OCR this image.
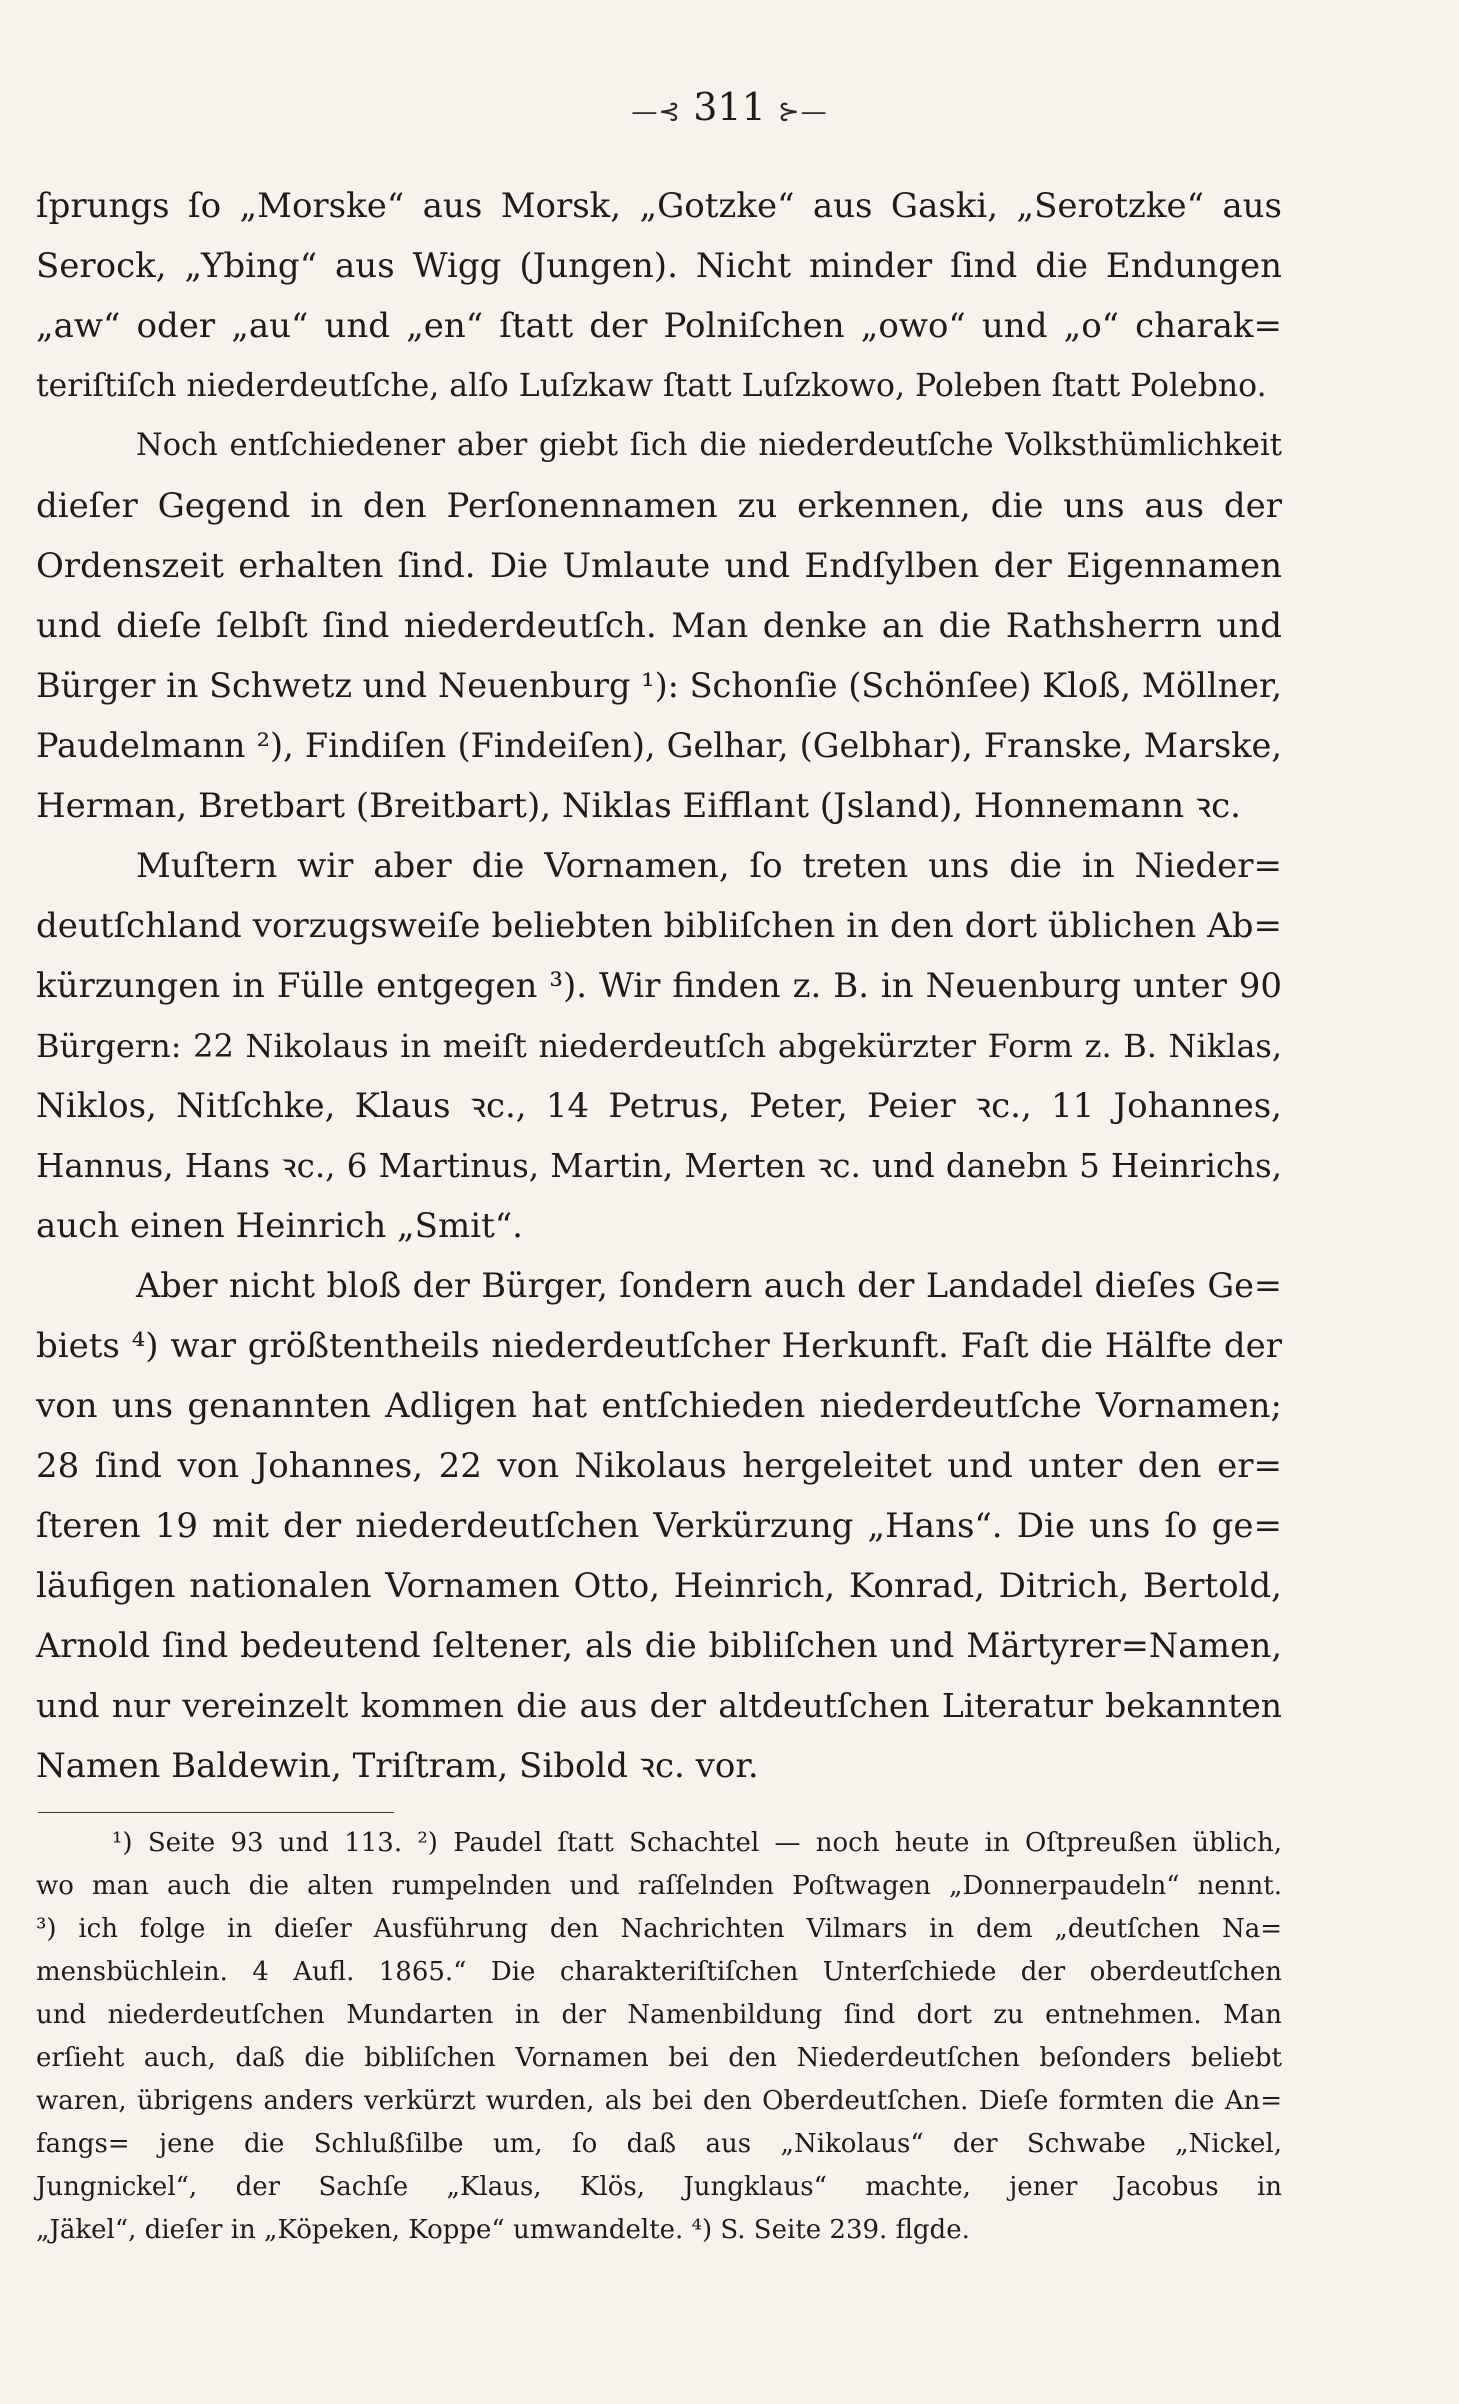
—⊰ 311 ⊱—
ſprungs ſo „Morske“ aus Morsk, „Gotzke“ aus Gaski, „Serotzke“ aus
Serock, „Ybing“ aus Wigg (Jungen). Nicht minder ſind die Endungen
„aw“ oder „au“ und „en“ ſtatt der Polniſchen „owo“ und „o“ charak=
teriſtiſch niederdeutſche, alſo Luſzkaw ſtatt Luſzkowo, Poleben ſtatt Polebno.
Noch entſchiedener aber giebt ſich die niederdeutſche Volksthümlichkeit
dieſer Gegend in den Perſonennamen zu erkennen, die uns aus der
Ordenszeit erhalten ſind. Die Umlaute und Endſylben der Eigennamen
und dieſe ſelbſt ſind niederdeutſch. Man denke an die Rathsherrn und
Bürger in Schwetz und Neuenburg ¹): Schonſie (Schönſee) Kloß, Möllner,
Paudelmann ²), Findiſen (Findeiſen), Gelhar, (Gelbhar), Franske, Marske,
Herman, Bretbart (Breitbart), Niklas Eifflant (Jsland), Honnemann ꝛc.
Muſtern wir aber die Vornamen, ſo treten uns die in Nieder=
deutſchland vorzugsweiſe beliebten bibliſchen in den dort üblichen Ab=
kürzungen in Fülle entgegen ³). Wir finden z. B. in Neuenburg unter 90
Bürgern: 22 Nikolaus in meiſt niederdeutſch abgekürzter Form z. B. Niklas,
Niklos, Nitſchke, Klaus ꝛc., 14 Petrus, Peter, Peier ꝛc., 11 Johannes,
Hannus, Hans ꝛc., 6 Martinus, Martin, Merten ꝛc. und danebn 5 Heinrichs,
auch einen Heinrich „Smit“.
Aber nicht bloß der Bürger, ſondern auch der Landadel dieſes Ge=
biets ⁴) war größtentheils niederdeutſcher Herkunft. Faſt die Hälfte der
von uns genannten Adligen hat entſchieden niederdeutſche Vornamen;
28 ſind von Johannes, 22 von Nikolaus hergeleitet und unter den er=
ſteren 19 mit der niederdeutſchen Verkürzung „Hans“. Die uns ſo ge=
läufigen nationalen Vornamen Otto, Heinrich, Konrad, Ditrich, Bertold,
Arnold ſind bedeutend ſeltener, als die bibliſchen und Märtyrer=Namen,
und nur vereinzelt kommen die aus der altdeutſchen Literatur bekannten
Namen Baldewin, Triſtram, Sibold ꝛc. vor.
¹) Seite 93 und 113. ²) Paudel ſtatt Schachtel — noch heute in Oſtpreußen üblich,
wo man auch die alten rumpelnden und raſſelnden Poſtwagen „Donnerpaudeln“ nennt.
³) ich folge in dieſer Ausführung den Nachrichten Vilmars in dem „deutſchen Na=
mensbüchlein. 4 Aufl. 1865.“ Die charakteriſtiſchen Unterſchiede der oberdeutſchen
und niederdeutſchen Mundarten in der Namenbildung ſind dort zu entnehmen. Man
erſieht auch, daß die bibliſchen Vornamen bei den Niederdeutſchen beſonders beliebt
waren, übrigens anders verkürzt wurden, als bei den Oberdeutſchen. Dieſe formten die An=
fangs= jene die Schlußſilbe um, ſo daß aus „Nikolaus“ der Schwabe „Nickel,
Jungnickel“, der Sachſe „Klaus, Klös, Jungklaus“ machte, jener Jacobus in
„Jäkel“, dieſer in „Köpeken, Koppe“ umwandelte. ⁴) S. Seite 239. flgde.
